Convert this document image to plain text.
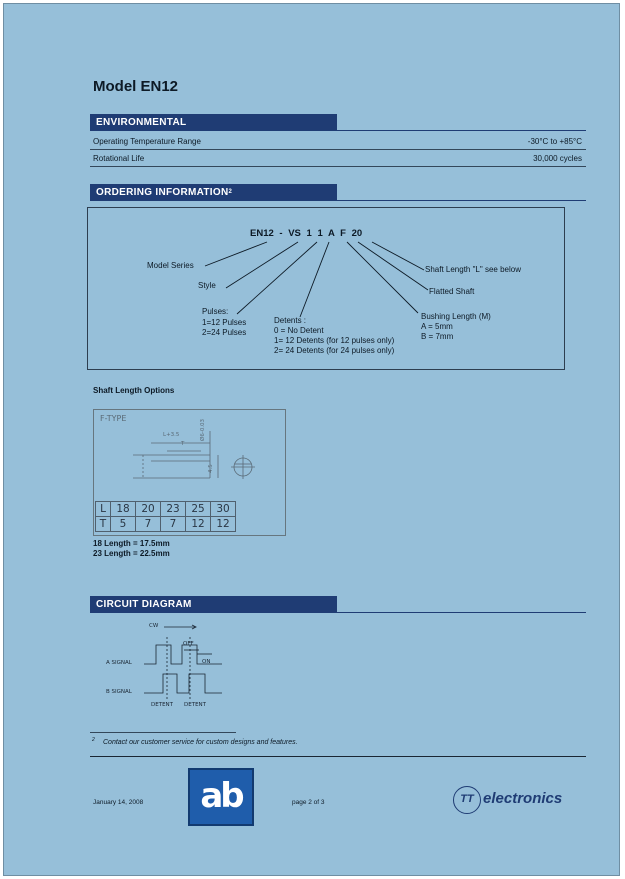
Model EN12
ENVIRONMENTAL
Operating Temperature Range	-30°C to +85°C
Rotational Life	30,000 cycles
ORDERING INFORMATION$^2$
EN12 - VS 1 1 A F 20
Model Series
Style
Pulses:
1=12 Pulses
2=24 Pulses
Detents :
0 = No Detent
1= 12 Detents (for 12 pulses only)
2= 24 Detents (for 24 pulses only)
Shaft Length "L" see below
Flatted Shaft
Bushing Length (M)
A = 5mm
B = 7mm
Shaft Length Options
F-TYPE
L+3.5
T
Ø6-0.03
4.5
L	18	20	23	25	30
T	5	7	7	12	12
18 Length = 17.5mm
23 Length = 22.5mm
CIRCUIT DIAGRAM
CW
OFF
ON
A SIGNAL
B SIGNAL
DETENT DETENT
2 Contact our customer service for custom designs and features.
January 14, 2008	ab	page 2 of 3	TT electronics
